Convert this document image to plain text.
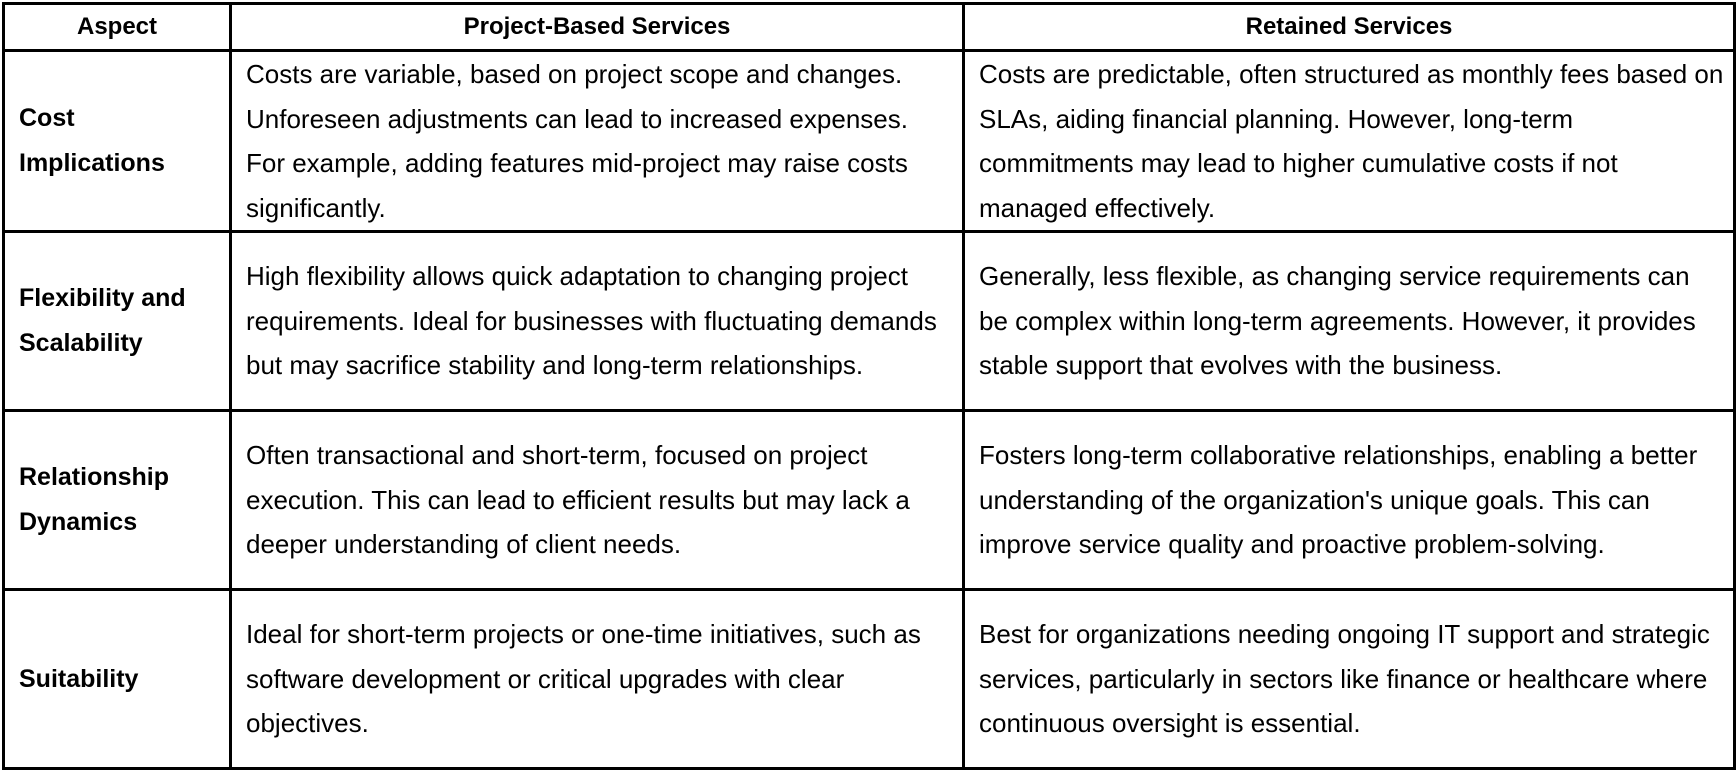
Aspect	Project-Based Services	Retained Services
Cost Implications	Costs are variable, based on project scope and changes. Unforeseen adjustments can lead to increased expenses. For example, adding features mid-project may raise costs significantly.	Costs are predictable, often structured as monthly fees based on SLAs, aiding financial planning. However, long-term commitments may lead to higher cumulative costs if not managed effectively.
Flexibility and Scalability	High flexibility allows quick adaptation to changing project requirements. Ideal for businesses with fluctuating demands but may sacrifice stability and long-term relationships.	Generally, less flexible, as changing service requirements can be complex within long-term agreements. However, it provides stable support that evolves with the business.
Relationship Dynamics	Often transactional and short-term, focused on project execution. This can lead to efficient results but may lack a deeper understanding of client needs.	Fosters long-term collaborative relationships, enabling a better understanding of the organization's unique goals. This can improve service quality and proactive problem-solving.
Suitability	Ideal for short-term projects or one-time initiatives, such as software development or critical upgrades with clear objectives.	Best for organizations needing ongoing IT support and strategic services, particularly in sectors like finance or healthcare where continuous oversight is essential.
